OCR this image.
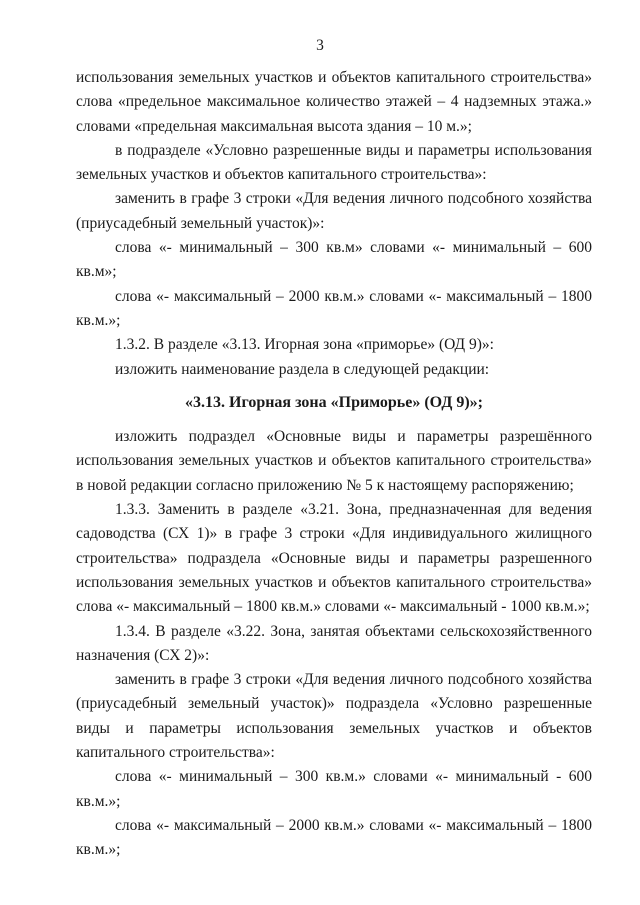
3

использования земельных участков и объектов капитального строительства» слова «предельное максимальное количество этажей – 4 надземных этажа.» словами «предельная максимальная высота здания – 10 м.»;

в подразделе «Условно разрешенные виды и параметры использования земельных участков и объектов капитального строительства»:

заменить в графе 3 строки «Для ведения личного подсобного хозяйства (приусадебный земельный участок)»:

слова «- минимальный – 300 кв.м» словами «- минимальный – 600 кв.м»;

слова «- максимальный – 2000 кв.м.» словами «- максимальный – 1800 кв.м.»;

1.3.2. В разделе «3.13. Игорная зона «приморье» (ОД 9)»:

изложить наименование раздела в следующей редакции:

«3.13. Игорная зона «Приморье» (ОД 9)»;

изложить подраздел «Основные виды и параметры разрешённого использования земельных участков и объектов капитального строительства» в новой редакции согласно приложению № 5 к настоящему распоряжению;

1.3.3. Заменить в разделе «3.21. Зона, предназначенная для ведения садоводства (СХ 1)» в графе 3 строки «Для индивидуального жилищного строительства» подраздела «Основные виды и параметры разрешенного использования земельных участков и объектов капитального строительства» слова «- максимальный – 1800 кв.м.» словами «- максимальный - 1000 кв.м.»;

1.3.4. В разделе «3.22. Зона, занятая объектами сельскохозяйственного назначения (СХ 2)»:

заменить в графе 3 строки «Для ведения личного подсобного хозяйства (приусадебный земельный участок)» подраздела «Условно разрешенные виды и параметры использования земельных участков и объектов капитального строительства»:

слова «- минимальный – 300 кв.м.» словами «- минимальный - 600 кв.м.»;

слова «- максимальный – 2000 кв.м.» словами «- максимальный – 1800 кв.м.»;
